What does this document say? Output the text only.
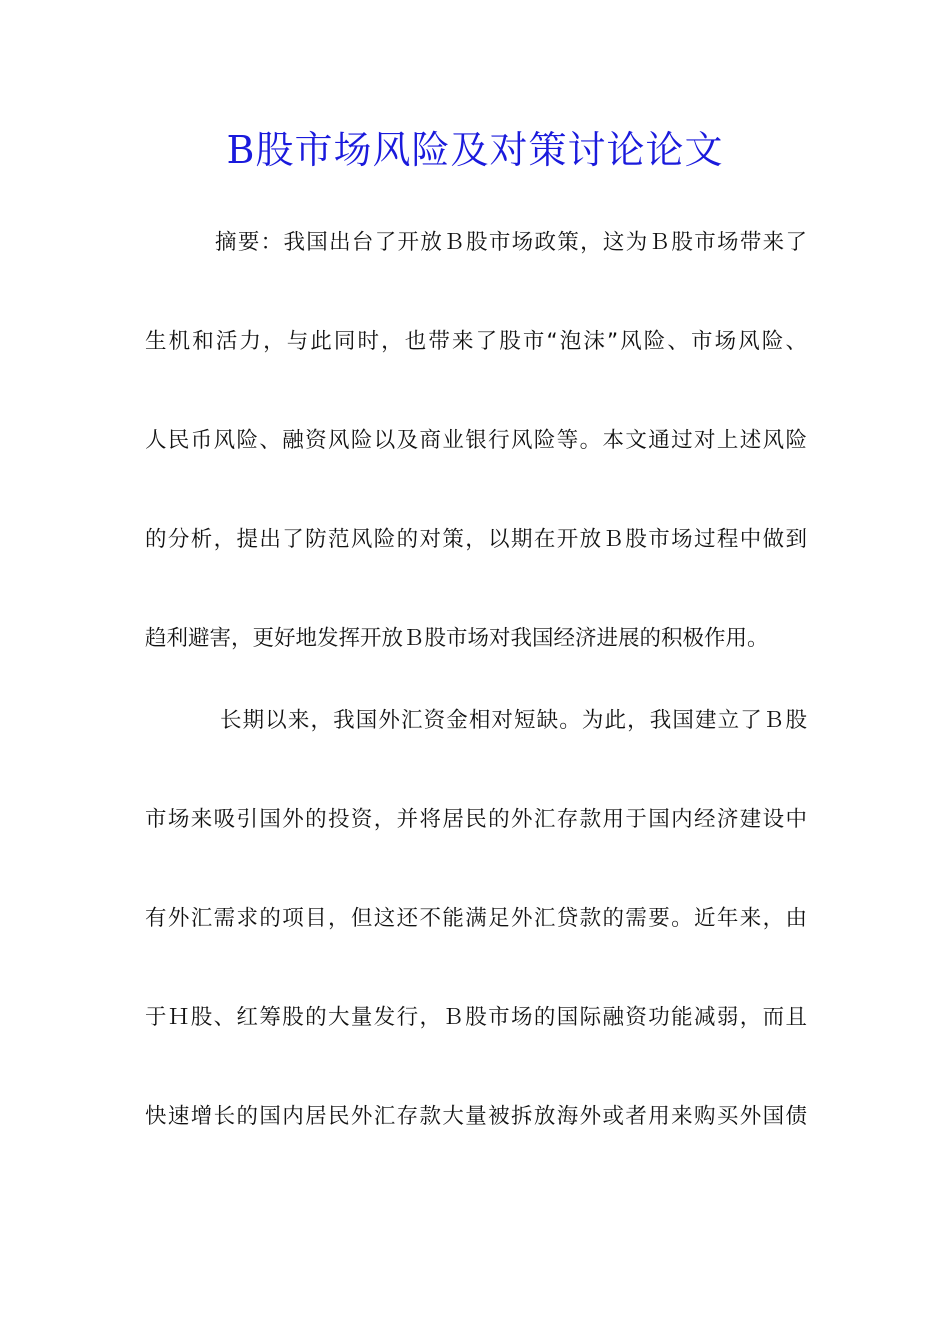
B股市场风险及对策讨论论文
摘要：我国出台了开放Ｂ股市场政策，这为Ｂ股市场带来了
生机和活力，与此同时，也带来了股市“泡沫”风险、市场风险、
人民币风险、融资风险以及商业银行风险等。本文通过对上述风险
的分析，提出了防范风险的对策，以期在开放Ｂ股市场过程中做到
趋利避害，更好地发挥开放Ｂ股市场对我国经济进展的积极作用。
长期以来，我国外汇资金相对短缺。为此，我国建立了Ｂ股
市场来吸引国外的投资，并将居民的外汇存款用于国内经济建设中
有外汇需求的项目，但这还不能满足外汇贷款的需要。近年来，由
于Ｈ股、红筹股的大量发行，Ｂ股市场的国际融资功能减弱，而且
快速增长的国内居民外汇存款大量被拆放海外或者用来购买外国债
